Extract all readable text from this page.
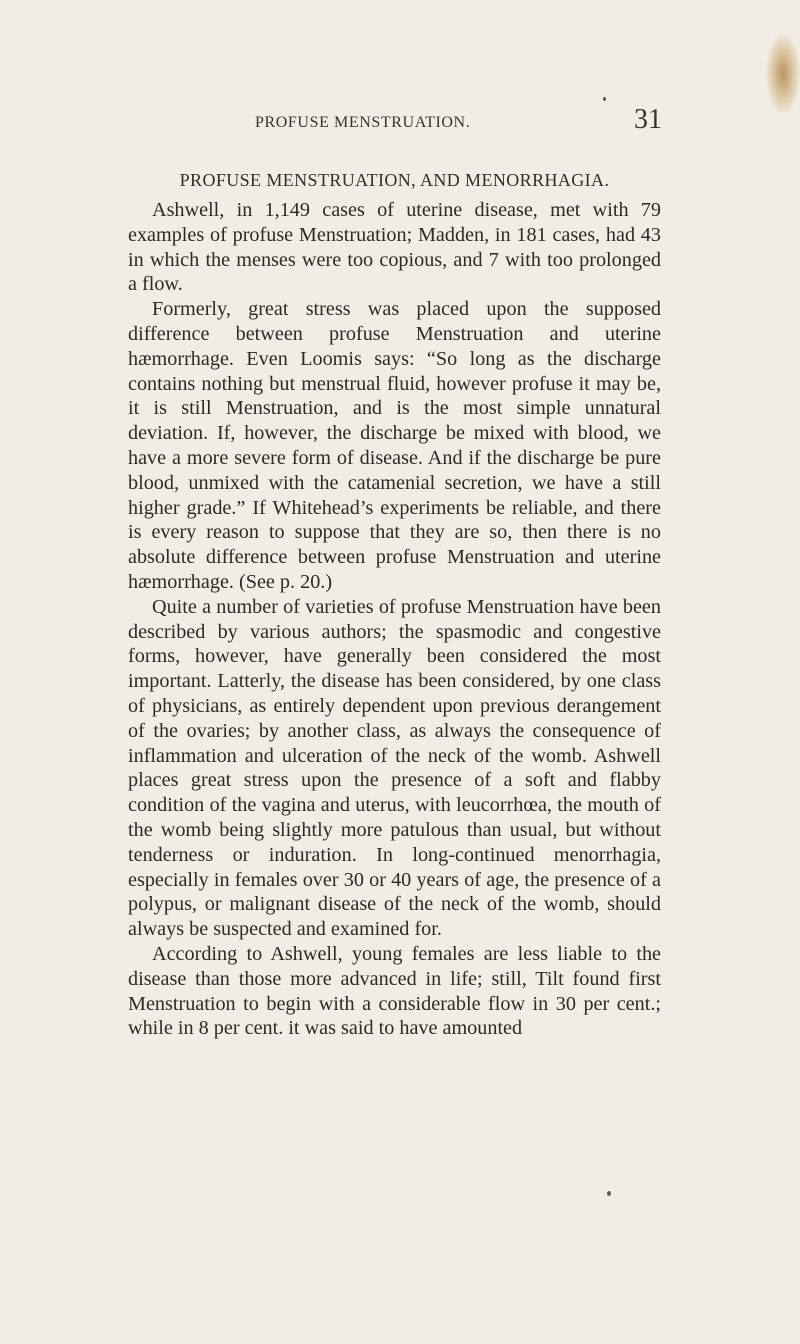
PROFUSE MENSTRUATION.	31
PROFUSE MENSTRUATION, AND MENORRHAGIA.

Ashwell, in 1,149 cases of uterine disease, met with 79 examples of profuse Menstruation; Madden, in 181 cases, had 43 in which the menses were too copious, and 7 with too prolonged a flow.

Formerly, great stress was placed upon the supposed difference between profuse Menstruation and uterine hæmorrhage. Even Loomis says: “So long as the discharge contains nothing but menstrual fluid, however profuse it may be, it is still Menstruation, and is the most simple unnatural deviation. If, however, the discharge be mixed with blood, we have a more severe form of disease. And if the discharge be pure blood, unmixed with the catamenial secretion, we have a still higher grade.” If Whitehead’s experiments be reliable, and there is every reason to suppose that they are so, then there is no absolute difference between profuse Menstruation and uterine hæmorrhage. (See p. 20.)

Quite a number of varieties of profuse Menstruation have been described by various authors; the spasmodic and congestive forms, however, have generally been considered the most important. Latterly, the disease has been considered, by one class of physicians, as entirely dependent upon previous derangement of the ovaries; by another class, as always the consequence of inflammation and ulceration of the neck of the womb. Ashwell places great stress upon the presence of a soft and flabby condition of the vagina and uterus, with leucorrhœa, the mouth of the womb being slightly more patulous than usual, but without tenderness or induration. In long-continued menorrhagia, especially in females over 30 or 40 years of age, the presence of a polypus, or malignant disease of the neck of the womb, should always be suspected and examined for.

According to Ashwell, young females are less liable to the disease than those more advanced in life; still, Tilt found first Menstruation to begin with a considerable flow in 30 per cent.; while in 8 per cent. it was said to have amounted
